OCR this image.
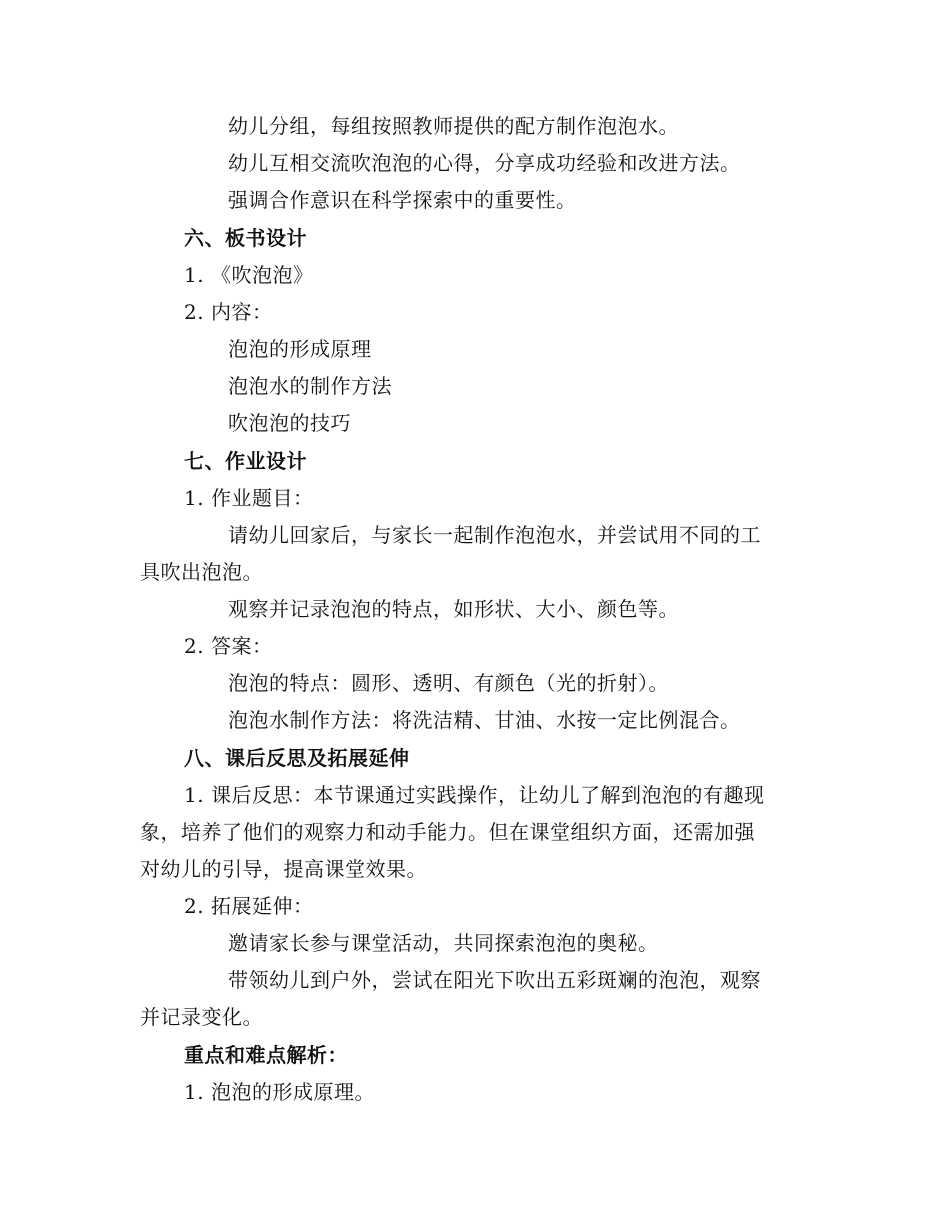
幼儿分组，每组按照教师提供的配方制作泡泡水。
幼儿互相交流吹泡泡的心得，分享成功经验和改进方法。
强调合作意识在科学探索中的重要性。
六、板书设计
1. 《吹泡泡》
2. 内容：
泡泡的形成原理
泡泡水的制作方法
吹泡泡的技巧
七、作业设计
1. 作业题目：
请幼儿回家后，与家长一起制作泡泡水，并尝试用不同的工
具吹出泡泡。
观察并记录泡泡的特点，如形状、大小、颜色等。
2. 答案：
泡泡的特点：圆形、透明、有颜色（光的折射）。
泡泡水制作方法：将洗洁精、甘油、水按一定比例混合。
八、课后反思及拓展延伸
1. 课后反思：本节课通过实践操作，让幼儿了解到泡泡的有趣现
象，培养了他们的观察力和动手能力。但在课堂组织方面，还需加强
对幼儿的引导，提高课堂效果。
2. 拓展延伸：
邀请家长参与课堂活动，共同探索泡泡的奥秘。
带领幼儿到户外，尝试在阳光下吹出五彩斑斓的泡泡，观察
并记录变化。
重点和难点解析：
1. 泡泡的形成原理。
